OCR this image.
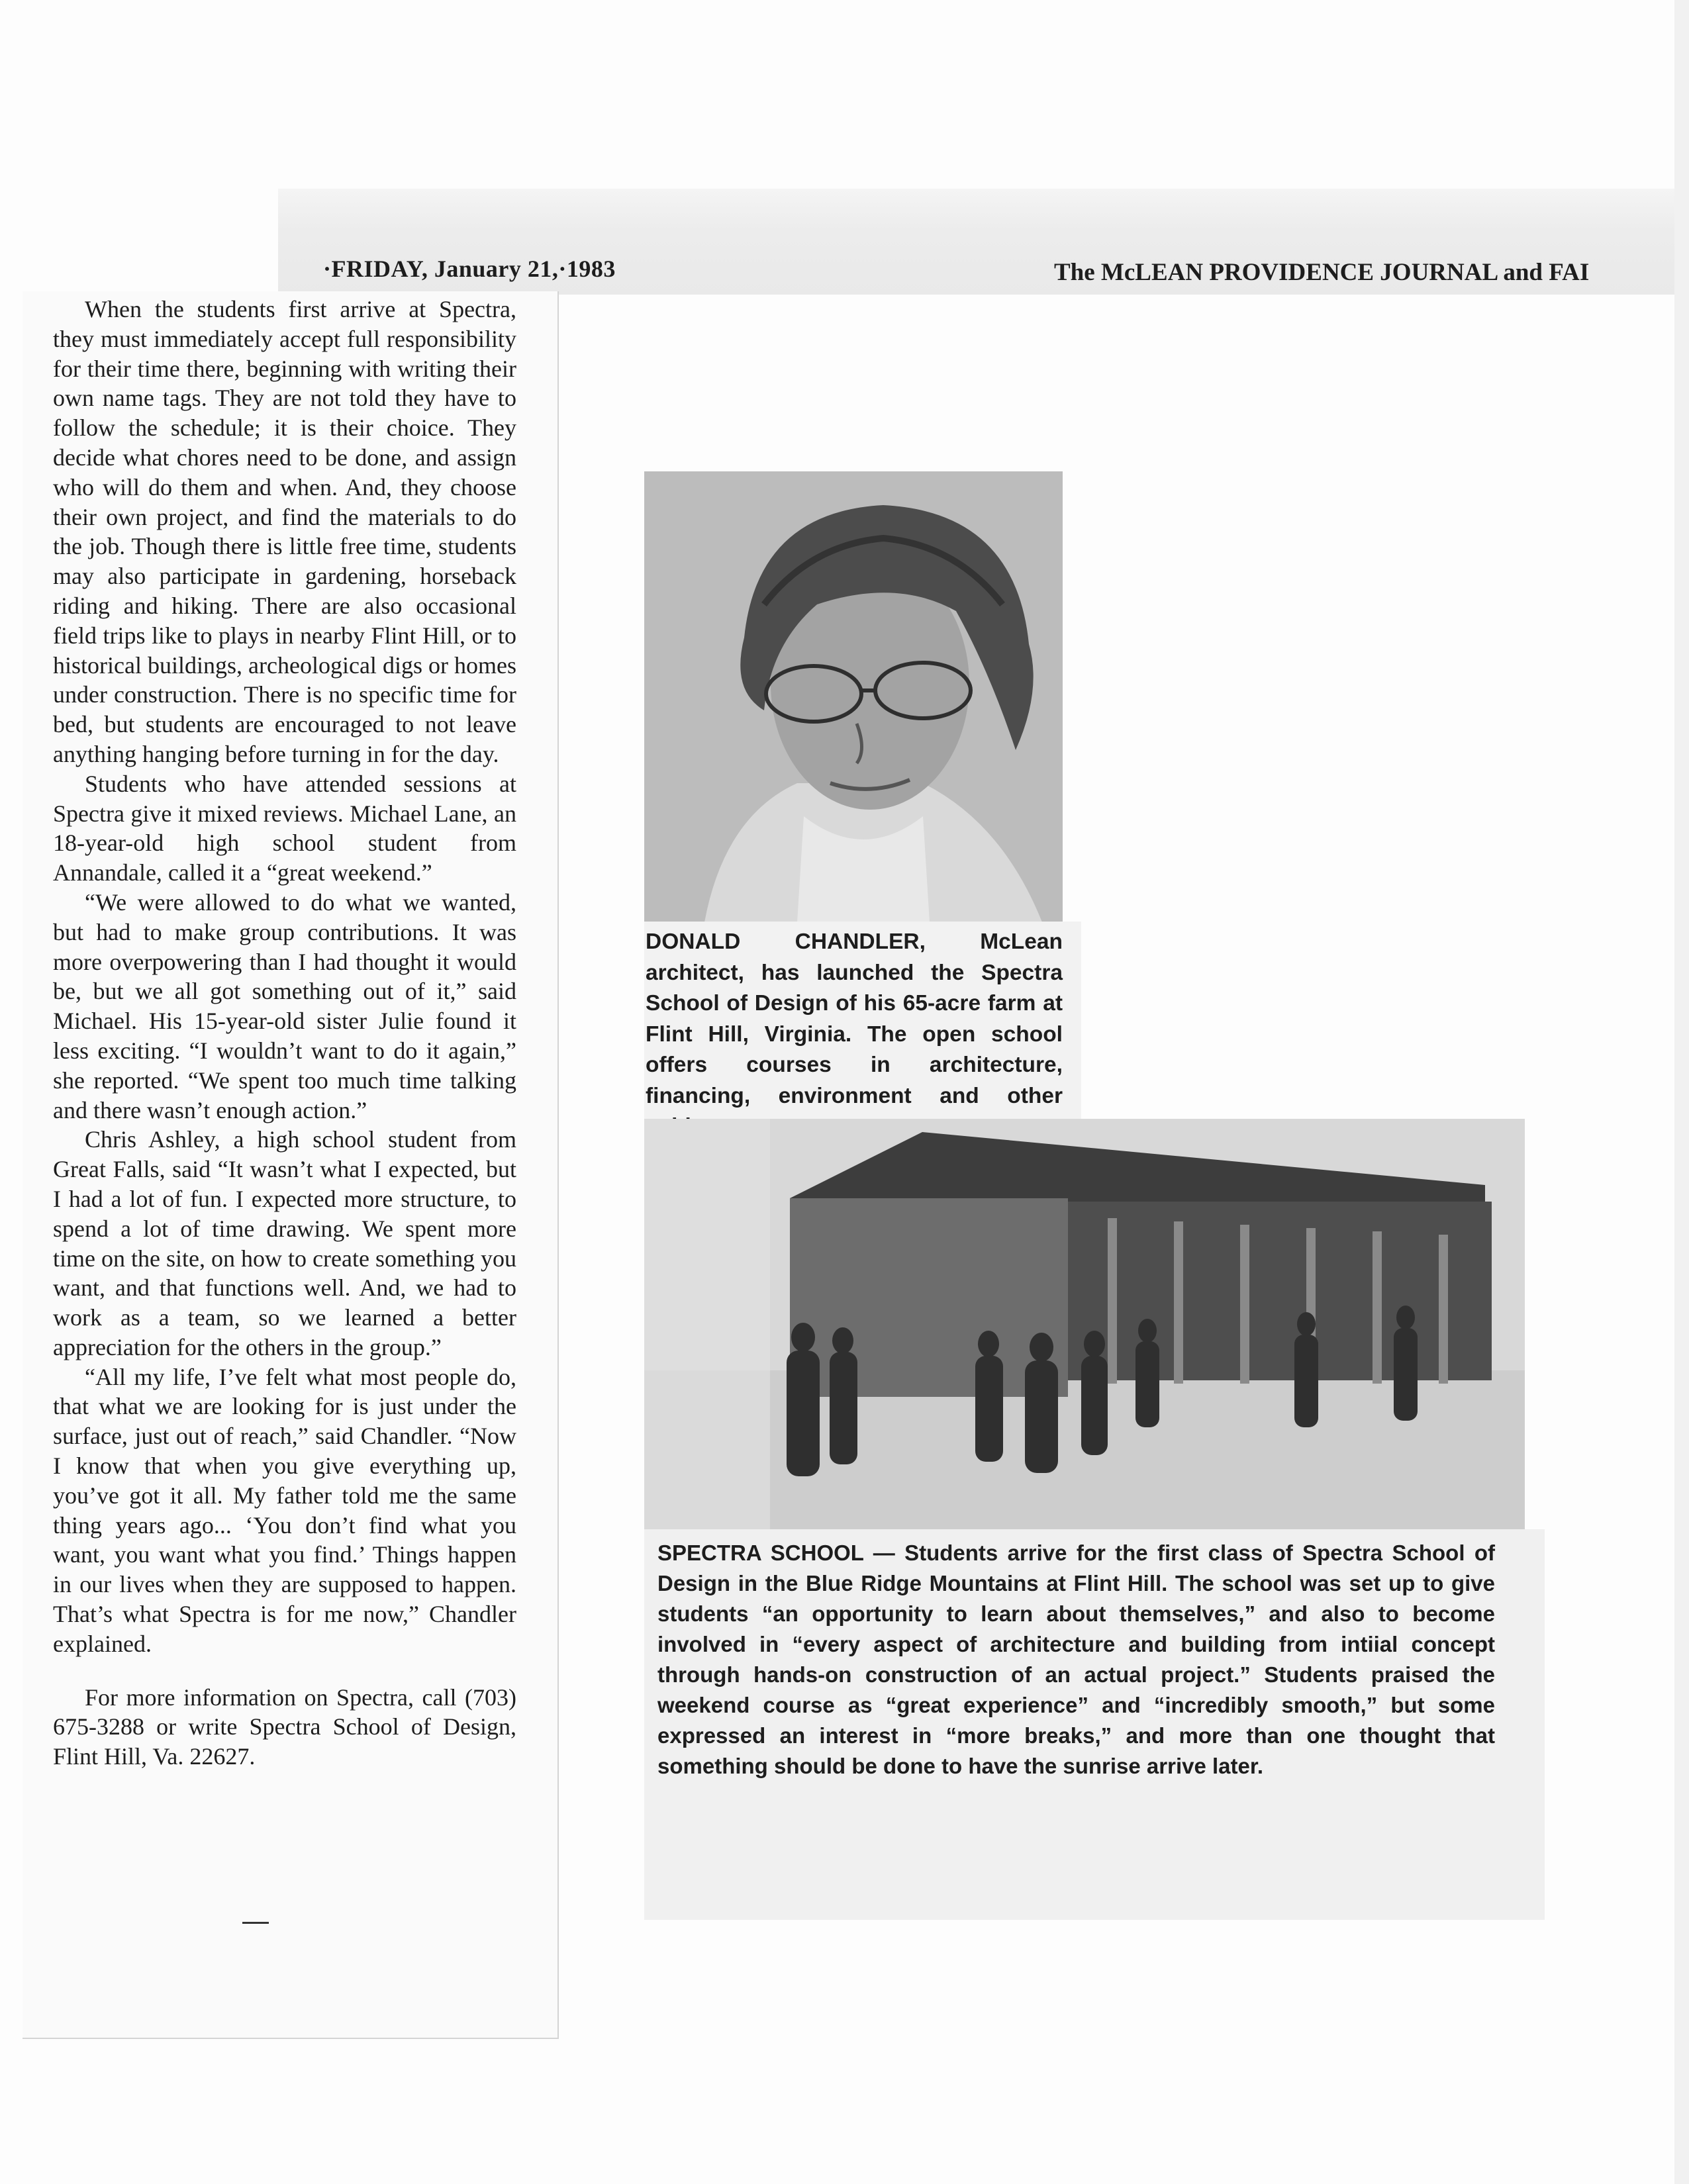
·FRIDAY, January 21,·1983	The McLEAN PROVIDENCE JOURNAL and FAI

When the students first arrive at Spectra, they must immediately accept full responsibility for their time there, beginning with writing their own name tags. They are not told they have to follow the schedule; it is their choice. They decide what chores need to be done, and assign who will do them and when. And, they choose their own project, and find the materials to do the job. Though there is little free time, students may also participate in gardening, horseback riding and hiking. There are also occasional field trips like to plays in nearby Flint Hill, or to historical buildings, archeological digs or homes under construction. There is no specific time for bed, but students are encouraged to not leave anything hanging before turning in for the day.

Students who have attended sessions at Spectra give it mixed reviews. Michael Lane, an 18-year-old high school student from Annandale, called it a “great weekend.”

“We were allowed to do what we wanted, but had to make group contributions. It was more overpowering than I had thought it would be, but we all got something out of it,” said Michael. His 15-year-old sister Julie found it less exciting. “I wouldn’t want to do it again,” she reported. “We spent too much time talking and there wasn’t enough action.”

Chris Ashley, a high school student from Great Falls, said “It wasn’t what I expected, but I had a lot of fun. I expected more structure, to spend a lot of time drawing. We spent more time on the site, on how to create something you want, and that functions well. And, we had to work as a team, so we learned a better appreciation for the others in the group.”

“All my life, I’ve felt what most people do, that what we are looking for is just under the surface, just out of reach,” said Chandler. “Now I know that when you give everything up, you’ve got it all. My father told me the same thing years ago... ‘You don’t find what you want, you want what you find.’ Things happen in our lives when they are supposed to happen. That’s what Spectra is for me now,” Chandler explained.

For more information on Spectra, call (703) 675-3288 or write Spectra School of Design, Flint Hill, Va. 22627.

DONALD CHANDLER, McLean architect, has launched the Spectra School of Design of his 65-acre farm at Flint Hill, Virginia. The open school offers courses in architecture, financing, environment and other
SPECTRA SCHOOL — Students arrive for the first class of Spectra School of Design in the Blue Ridge Mountains at Flint Hill. The school was set up to give students “an opportunity to learn about themselves,” and also to become involved in “every aspect of architecture and building from intiial concept through hands-on construction of an actual project.” Students praised the weekend course as “great experience” and “incredibly smooth,” but some expressed an interest in “more breaks,” and more than one thought that something should be done to have the sunrise arrive later.
